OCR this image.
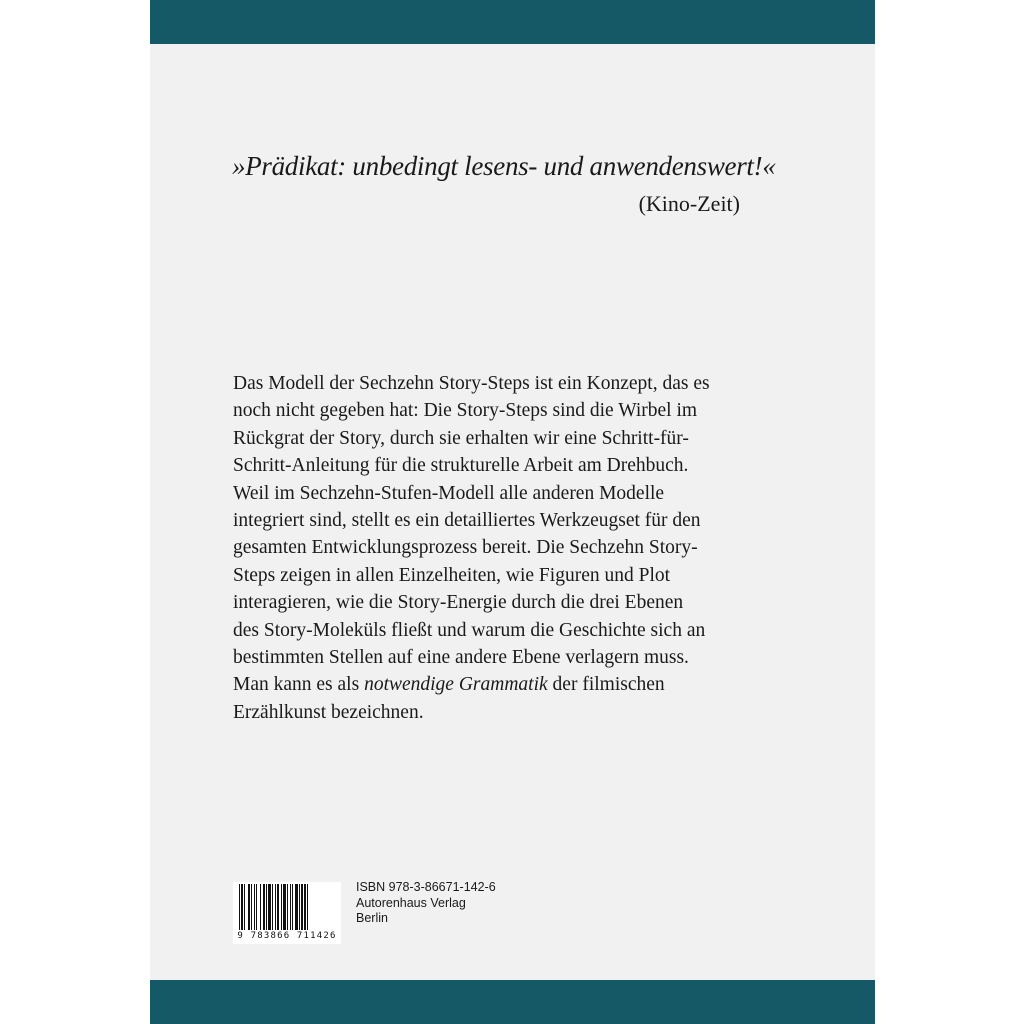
»Prädikat: unbedingt lesens- und anwendenswert!«
(Kino-Zeit)
Das Modell der Sechzehn Story-Steps ist ein Konzept, das es
noch nicht gegeben hat: Die Story-Steps sind die Wirbel im
Rückgrat der Story, durch sie erhalten wir eine Schritt-für-
Schritt-Anleitung für die strukturelle Arbeit am Drehbuch.
Weil im Sechzehn-Stufen-Modell alle anderen Modelle
integriert sind, stellt es ein detailliertes Werkzeugset für den
gesamten Entwicklungsprozess bereit. Die Sechzehn Story-
Steps zeigen in allen Einzelheiten, wie Figuren und Plot
interagieren, wie die Story-Energie durch die drei Ebenen
des Story-Moleküls fließt und warum die Geschichte sich an
bestimmten Stellen auf eine andere Ebene verlagern muss.
Man kann es als notwendige Grammatik der filmischen
Erzählkunst bezeichnen.
9 783866 711426
ISBN 978-3-86671-142-6
Autorenhaus Verlag
Berlin
